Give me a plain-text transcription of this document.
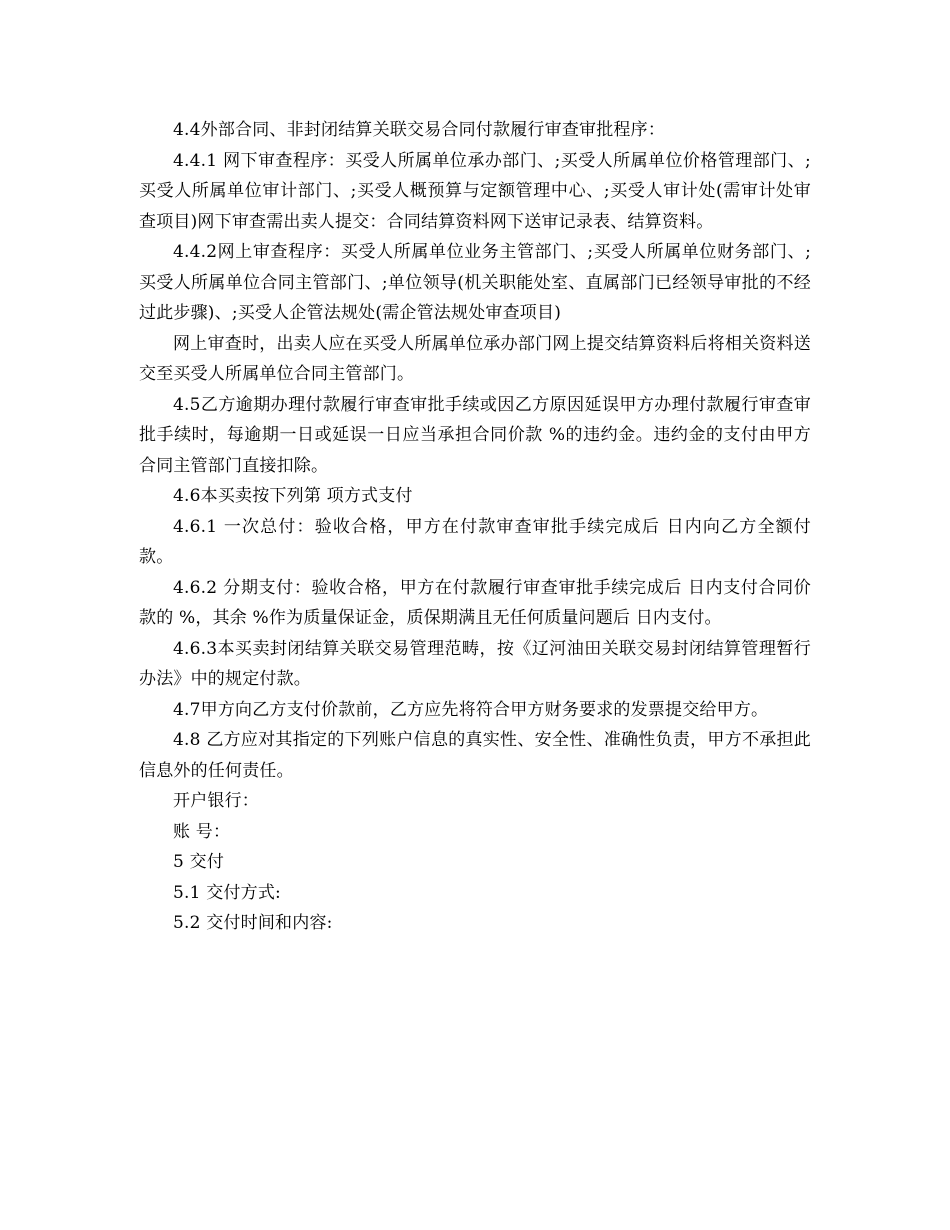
4.4外部合同、非封闭结算关联交易合同付款履行审查审批程序：

4.4.1 网下审查程序：买受人所属单位承办部门、;买受人所属单位价格管理部门、;买受人所属单位审计部门、;买受人概预算与定额管理中心、;买受人审计处(需审计处审查项目)网下审查需出卖人提交：合同结算资料网下送审记录表、结算资料。

4.4.2网上审查程序：买受人所属单位业务主管部门、;买受人所属单位财务部门、;买受人所属单位合同主管部门、;单位领导(机关职能处室、直属部门已经领导审批的不经过此步骤)、;买受人企管法规处(需企管法规处审查项目)

网上审查时，出卖人应在买受人所属单位承办部门网上提交结算资料后将相关资料送交至买受人所属单位合同主管部门。

4.5乙方逾期办理付款履行审查审批手续或因乙方原因延误甲方办理付款履行审查审批手续时，每逾期一日或延误一日应当承担合同价款 %的违约金。违约金的支付由甲方合同主管部门直接扣除。

4.6本买卖按下列第 项方式支付

4.6.1 一次总付：验收合格，甲方在付款审查审批手续完成后 日内向乙方全额付款。

4.6.2 分期支付：验收合格，甲方在付款履行审查审批手续完成后 日内支付合同价款的 %，其余 %作为质量保证金，质保期满且无任何质量问题后 日内支付。

4.6.3本买卖封闭结算关联交易管理范畴，按《辽河油田关联交易封闭结算管理暂行办法》中的规定付款。

4.7甲方向乙方支付价款前，乙方应先将符合甲方财务要求的发票提交给甲方。

4.8 乙方应对其指定的下列账户信息的真实性、安全性、准确性负责，甲方不承担此信息外的任何责任。

开户银行：

账 号：

5 交付

5.1 交付方式:

5.2 交付时间和内容:
